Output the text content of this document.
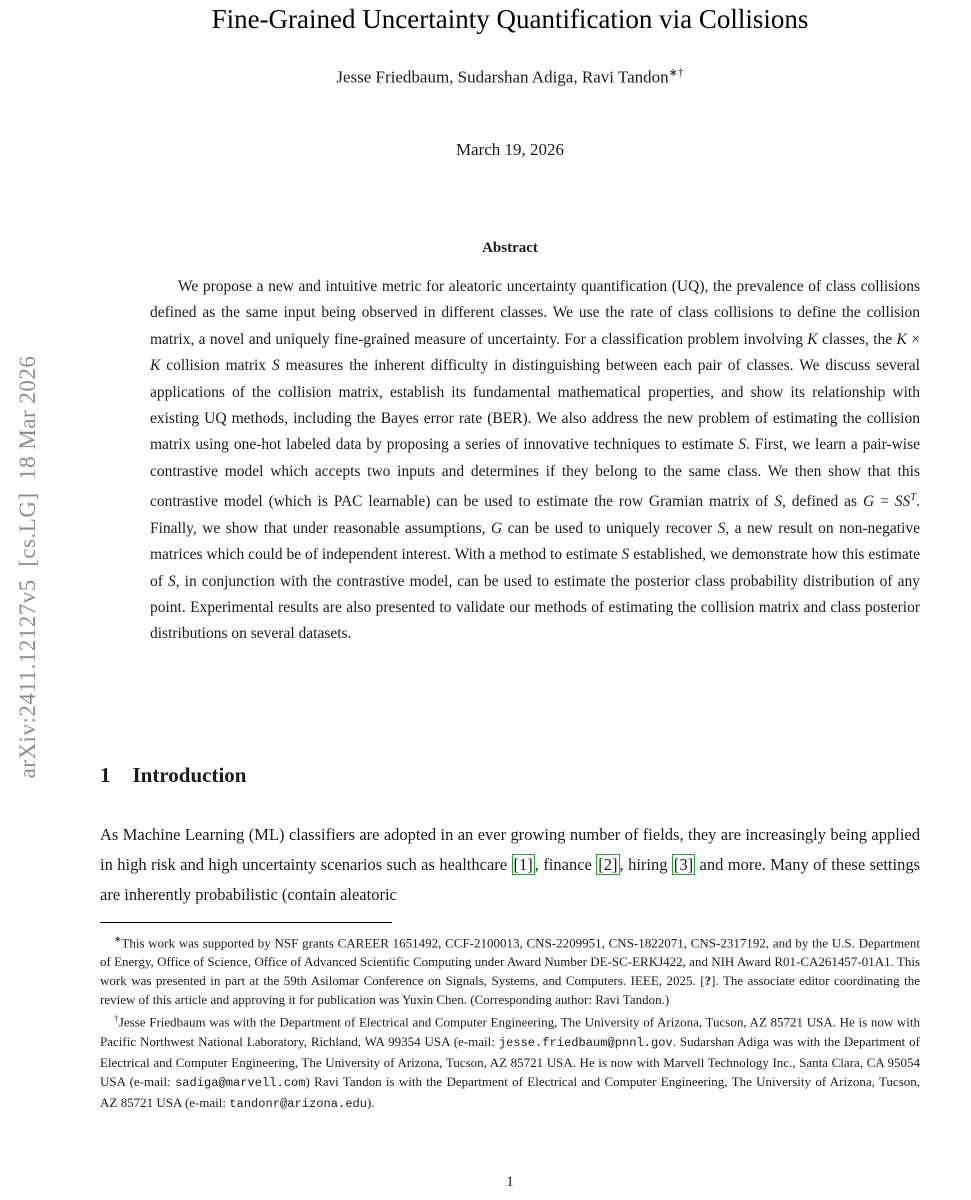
arXiv:2411.12127v5  [cs.LG]  18 Mar 2026
Fine-Grained Uncertainty Quantification via Collisions
Jesse Friedbaum, Sudarshan Adiga, Ravi Tandon∗†
March 19, 2026
Abstract
We propose a new and intuitive metric for aleatoric uncertainty quantification (UQ), the prevalence of class collisions defined as the same input being observed in different classes. We use the rate of class collisions to define the collision matrix, a novel and uniquely fine-grained measure of uncertainty. For a classification problem involving K classes, the K × K collision matrix S measures the inherent difficulty in distinguishing between each pair of classes. We discuss several applications of the collision matrix, establish its fundamental mathematical properties, and show its relationship with existing UQ methods, including the Bayes error rate (BER). We also address the new problem of estimating the collision matrix using one-hot labeled data by proposing a series of innovative techniques to estimate S. First, we learn a pair-wise contrastive model which accepts two inputs and determines if they belong to the same class. We then show that this contrastive model (which is PAC learnable) can be used to estimate the row Gramian matrix of S, defined as $G = SS^T$. Finally, we show that under reasonable assumptions, G can be used to uniquely recover S, a new result on non-negative matrices which could be of independent interest. With a method to estimate S established, we demonstrate how this estimate of S, in conjunction with the contrastive model, can be used to estimate the posterior class probability distribution of any point. Experimental results are also presented to validate our methods of estimating the collision matrix and class posterior distributions on several datasets.
1 Introduction
As Machine Learning (ML) classifiers are adopted in an ever growing number of fields, they are increasingly being applied in high risk and high uncertainty scenarios such as healthcare [1] , finance [2] , hiring [3] and more. Many of these settings are inherently probabilistic (contain aleatoric

∗This work was supported by NSF grants CAREER 1651492, CCF-2100013, CNS-2209951, CNS-1822071, CNS-2317192, and by the U.S. Department of Energy, Office of Science, Office of Advanced Scientific Computing under Award Number DE-SC-ERKJ422, and NIH Award R01-CA261457-01A1. This work was presented in part at the 59th Asilomar Conference on Signals, Systems, and Computers. IEEE, 2025. [?]. The associate editor coordinating the review of this article and approving it for publication was Yuxin Chen. (Corresponding author: Ravi Tandon.)

†Jesse Friedbaum was with the Department of Electrical and Computer Engineering, The University of Arizona, Tucson, AZ 85721 USA. He is now with Pacific Northwest National Laboratory, Richland, WA 99354 USA (e-mail: jesse.friedbaum@pnnl.gov. Sudarshan Adiga was with the Department of Electrical and Computer Engineering, The University of Arizona, Tucson, AZ 85721 USA. He is now with Marvell Technology Inc., Santa Clara, CA 95054 USA (e-mail: sadiga@marvell.com) Ravi Tandon is with the Department of Electrical and Computer Engineering, The University of Arizona, Tucson, AZ 85721 USA (e-mail: tandonr@arizona.edu).

1
